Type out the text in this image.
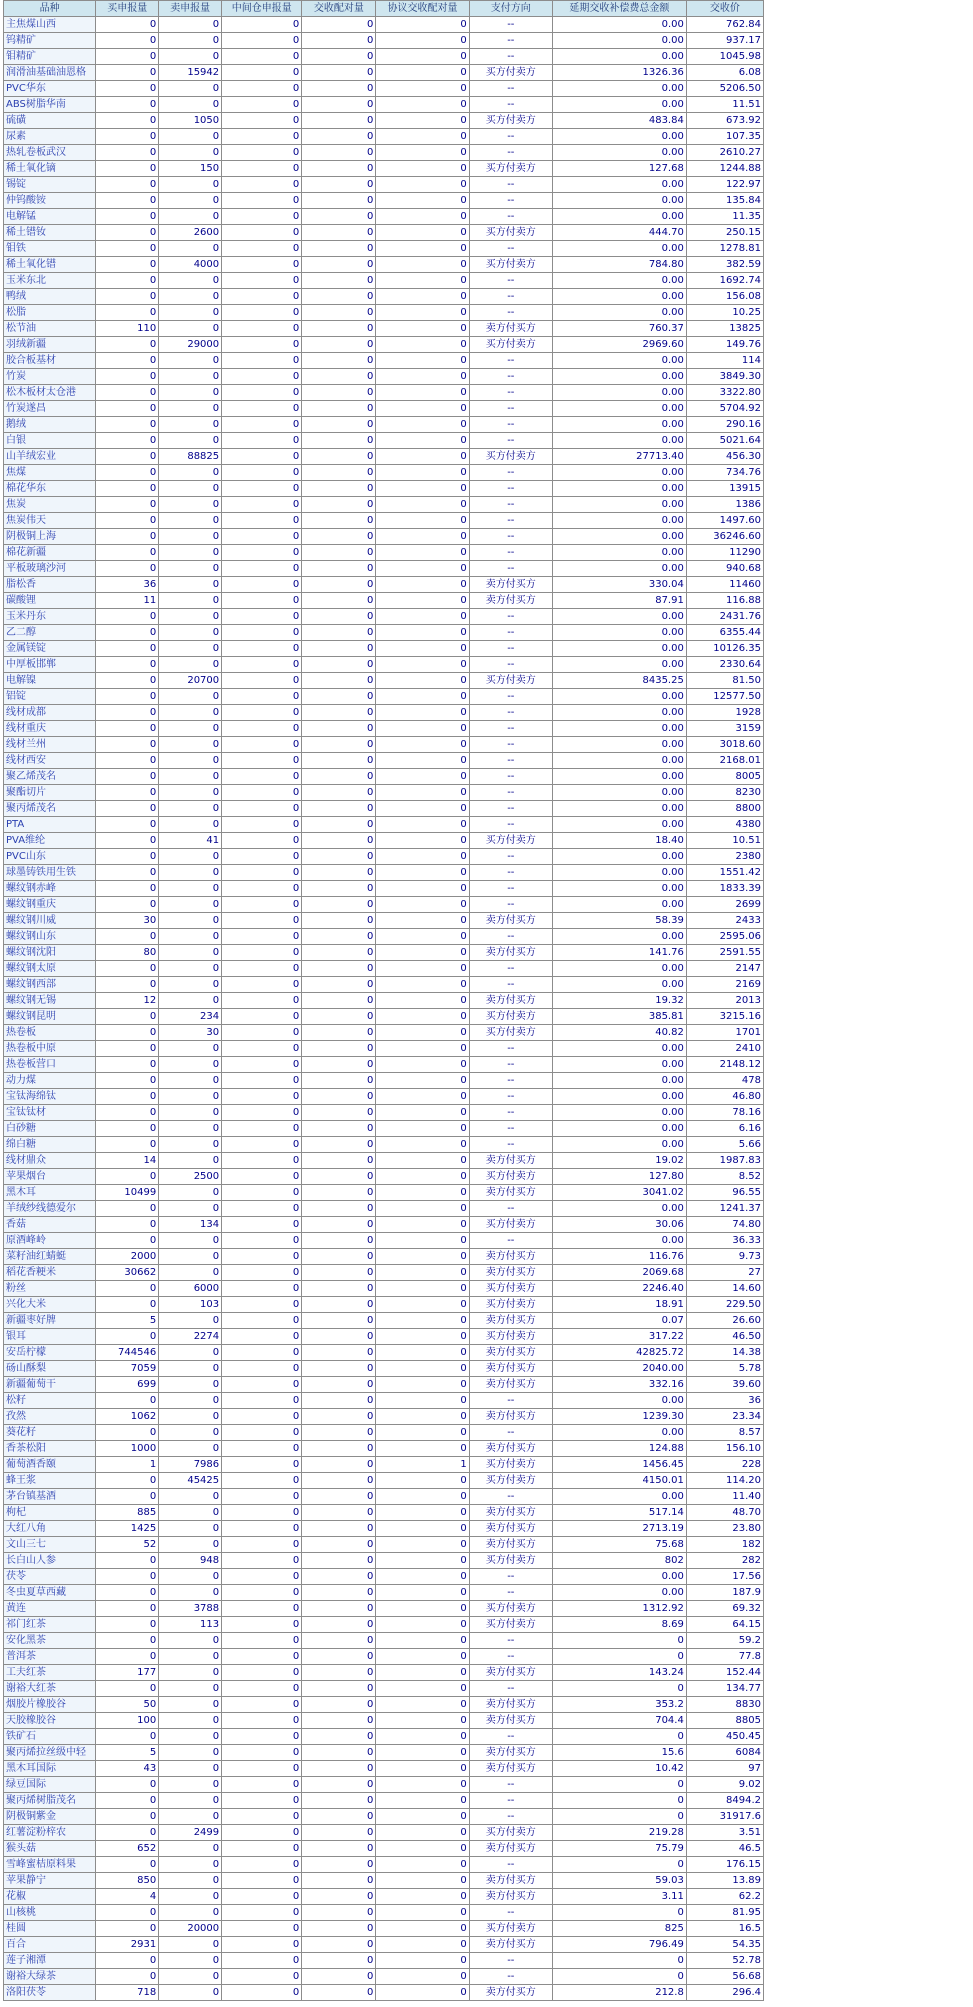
品种	买申报量	卖申报量	中间仓申报量	交收配对量	协议交收配对量	支付方向	延期交收补偿费总金额	交收价
主焦煤山西	0	0	0	0	0	--	0.00	762.84
钨精矿	0	0	0	0	0	--	0.00	937.17
钼精矿	0	0	0	0	0	--	0.00	1045.98
润滑油基础油恩格	0	15942	0	0	0	买方付卖方	1326.36	6.08
PVC华东	0	0	0	0	0	--	0.00	5206.50
ABS树脂华南	0	0	0	0	0	--	0.00	11.51
硫磺	0	1050	0	0	0	买方付卖方	483.84	673.92
尿素	0	0	0	0	0	--	0.00	107.35
热轧卷板武汉	0	0	0	0	0	--	0.00	2610.27
稀土氧化镝	0	150	0	0	0	买方付卖方	127.68	1244.88
锡锭	0	0	0	0	0	--	0.00	122.97
仲钨酸铵	0	0	0	0	0	--	0.00	135.84
电解锰	0	0	0	0	0	--	0.00	11.35
稀土镨钕	0	2600	0	0	0	买方付卖方	444.70	250.15
钼铁	0	0	0	0	0	--	0.00	1278.81
稀土氧化镨	0	4000	0	0	0	买方付卖方	784.80	382.59
玉米东北	0	0	0	0	0	--	0.00	1692.74
鸭绒	0	0	0	0	0	--	0.00	156.08
松脂	0	0	0	0	0	--	0.00	10.25
松节油	110	0	0	0	0	卖方付买方	760.37	13825
羽绒新疆	0	29000	0	0	0	买方付卖方	2969.60	149.76
胶合板基材	0	0	0	0	0	--	0.00	114
竹炭	0	0	0	0	0	--	0.00	3849.30
松木板材太仓港	0	0	0	0	0	--	0.00	3322.80
竹炭遂昌	0	0	0	0	0	--	0.00	5704.92
鹅绒	0	0	0	0	0	--	0.00	290.16
白银	0	0	0	0	0	--	0.00	5021.64
山羊绒宏业	0	88825	0	0	0	买方付卖方	27713.40	456.30
焦煤	0	0	0	0	0	--	0.00	734.76
棉花华东	0	0	0	0	0	--	0.00	13915
焦炭	0	0	0	0	0	--	0.00	1386
焦炭伟天	0	0	0	0	0	--	0.00	1497.60
阴极铜上海	0	0	0	0	0	--	0.00	36246.60
棉花新疆	0	0	0	0	0	--	0.00	11290
平板玻璃沙河	0	0	0	0	0	--	0.00	940.68
脂松香	36	0	0	0	0	卖方付买方	330.04	11460
碳酸锂	11	0	0	0	0	卖方付买方	87.91	116.88
玉米丹东	0	0	0	0	0	--	0.00	2431.76
乙二醇	0	0	0	0	0	--	0.00	6355.44
金属镁锭	0	0	0	0	0	--	0.00	10126.35
中厚板邯郸	0	0	0	0	0	--	0.00	2330.64
电解镍	0	20700	0	0	0	买方付卖方	8435.25	81.50
铝锭	0	0	0	0	0	--	0.00	12577.50
线材成都	0	0	0	0	0	--	0.00	1928
线材重庆	0	0	0	0	0	--	0.00	3159
线材兰州	0	0	0	0	0	--	0.00	3018.60
线材西安	0	0	0	0	0	--	0.00	2168.01
聚乙烯茂名	0	0	0	0	0	--	0.00	8005
聚酯切片	0	0	0	0	0	--	0.00	8230
聚丙烯茂名	0	0	0	0	0	--	0.00	8800
PTA	0	0	0	0	0	--	0.00	4380
PVA维纶	0	41	0	0	0	买方付卖方	18.40	10.51
PVC山东	0	0	0	0	0	--	0.00	2380
球墨铸铁用生铁	0	0	0	0	0	--	0.00	1551.42
螺纹钢赤峰	0	0	0	0	0	--	0.00	1833.39
螺纹钢重庆	0	0	0	0	0	--	0.00	2699
螺纹钢川威	30	0	0	0	0	卖方付买方	58.39	2433
螺纹钢山东	0	0	0	0	0	--	0.00	2595.06
螺纹钢沈阳	80	0	0	0	0	卖方付买方	141.76	2591.55
螺纹钢太原	0	0	0	0	0	--	0.00	2147
螺纹钢西部	0	0	0	0	0	--	0.00	2169
螺纹钢无锡	12	0	0	0	0	卖方付买方	19.32	2013
螺纹钢昆明	0	234	0	0	0	买方付卖方	385.81	3215.16
热卷板	0	30	0	0	0	买方付卖方	40.82	1701
热卷板中原	0	0	0	0	0	--	0.00	2410
热卷板营口	0	0	0	0	0	--	0.00	2148.12
动力煤	0	0	0	0	0	--	0.00	478
宝钛海绵钛	0	0	0	0	0	--	0.00	46.80
宝钛钛材	0	0	0	0	0	--	0.00	78.16
白砂糖	0	0	0	0	0	--	0.00	6.16
绵白糖	0	0	0	0	0	--	0.00	5.66
线材鼎众	14	0	0	0	0	卖方付买方	19.02	1987.83
苹果烟台	0	2500	0	0	0	买方付卖方	127.80	8.52
黑木耳	10499	0	0	0	0	卖方付买方	3041.02	96.55
羊绒纱线德爱尔	0	0	0	0	0	--	0.00	1241.37
香菇	0	134	0	0	0	买方付卖方	30.06	74.80
原酒峰岭	0	0	0	0	0	--	0.00	36.33
菜籽油红蜻蜓	2000	0	0	0	0	卖方付买方	116.76	9.73
稻花香粳米	30662	0	0	0	0	卖方付买方	2069.68	27
粉丝	0	6000	0	0	0	买方付卖方	2246.40	14.60
兴化大米	0	103	0	0	0	买方付卖方	18.91	229.50
新疆枣好牌	5	0	0	0	0	卖方付买方	0.07	26.60
银耳	0	2274	0	0	0	买方付卖方	317.22	46.50
安岳柠檬	744546	0	0	0	0	卖方付买方	42825.72	14.38
砀山酥梨	7059	0	0	0	0	卖方付买方	2040.00	5.78
新疆葡萄干	699	0	0	0	0	卖方付买方	332.16	39.60
松籽	0	0	0	0	0	--	0.00	36
孜然	1062	0	0	0	0	卖方付买方	1239.30	23.34
葵花籽	0	0	0	0	0	--	0.00	8.57
香茶松阳	1000	0	0	0	0	卖方付买方	124.88	156.10
葡萄酒香颐	1	7986	0	0	1	买方付卖方	1456.45	228
蜂王浆	0	45425	0	0	0	买方付卖方	4150.01	114.20
茅台镇基酒	0	0	0	0	0	--	0.00	11.40
枸杞	885	0	0	0	0	卖方付买方	517.14	48.70
大红八角	1425	0	0	0	0	卖方付买方	2713.19	23.80
文山三七	52	0	0	0	0	卖方付买方	75.68	182
长白山人参	0	948	0	0	0	买方付卖方	802	282
茯苓	0	0	0	0	0	--	0.00	17.56
冬虫夏草西藏	0	0	0	0	0	--	0.00	187.9
黄连	0	3788	0	0	0	买方付卖方	1312.92	69.32
祁门红茶	0	113	0	0	0	买方付卖方	8.69	64.15
安化黑茶	0	0	0	0	0	--	0	59.2
普洱茶	0	0	0	0	0	--	0	77.8
工夫红茶	177	0	0	0	0	卖方付买方	143.24	152.44
谢裕大红茶	0	0	0	0	0	--	0	134.77
烟胶片橡胶谷	50	0	0	0	0	卖方付买方	353.2	8830
天胶橡胶谷	100	0	0	0	0	卖方付买方	704.4	8805
铁矿石	0	0	0	0	0	--	0	450.45
聚丙烯拉丝级中轻	5	0	0	0	0	卖方付买方	15.6	6084
黑木耳国际	43	0	0	0	0	卖方付买方	10.42	97
绿豆国际	0	0	0	0	0	--	0	9.02
聚丙烯树脂茂名	0	0	0	0	0	--	0	8494.2
阴极铜紫金	0	0	0	0	0	--	0	31917.6
红薯淀粉梓农	0	2499	0	0	0	买方付卖方	219.28	3.51
猴头菇	652	0	0	0	0	卖方付买方	75.79	46.5
雪峰蜜桔原料果	0	0	0	0	0	--	0	176.15
苹果静宁	850	0	0	0	0	卖方付买方	59.03	13.89
花椒	4	0	0	0	0	卖方付买方	3.11	62.2
山核桃	0	0	0	0	0	--	0	81.95
桂圆	0	20000	0	0	0	买方付卖方	825	16.5
百合	2931	0	0	0	0	卖方付买方	796.49	54.35
莲子湘潭	0	0	0	0	0	--	0	52.78
谢裕大绿茶	0	0	0	0	0	--	0	56.68
洛阳茯苓	718	0	0	0	0	卖方付买方	212.8	296.4
